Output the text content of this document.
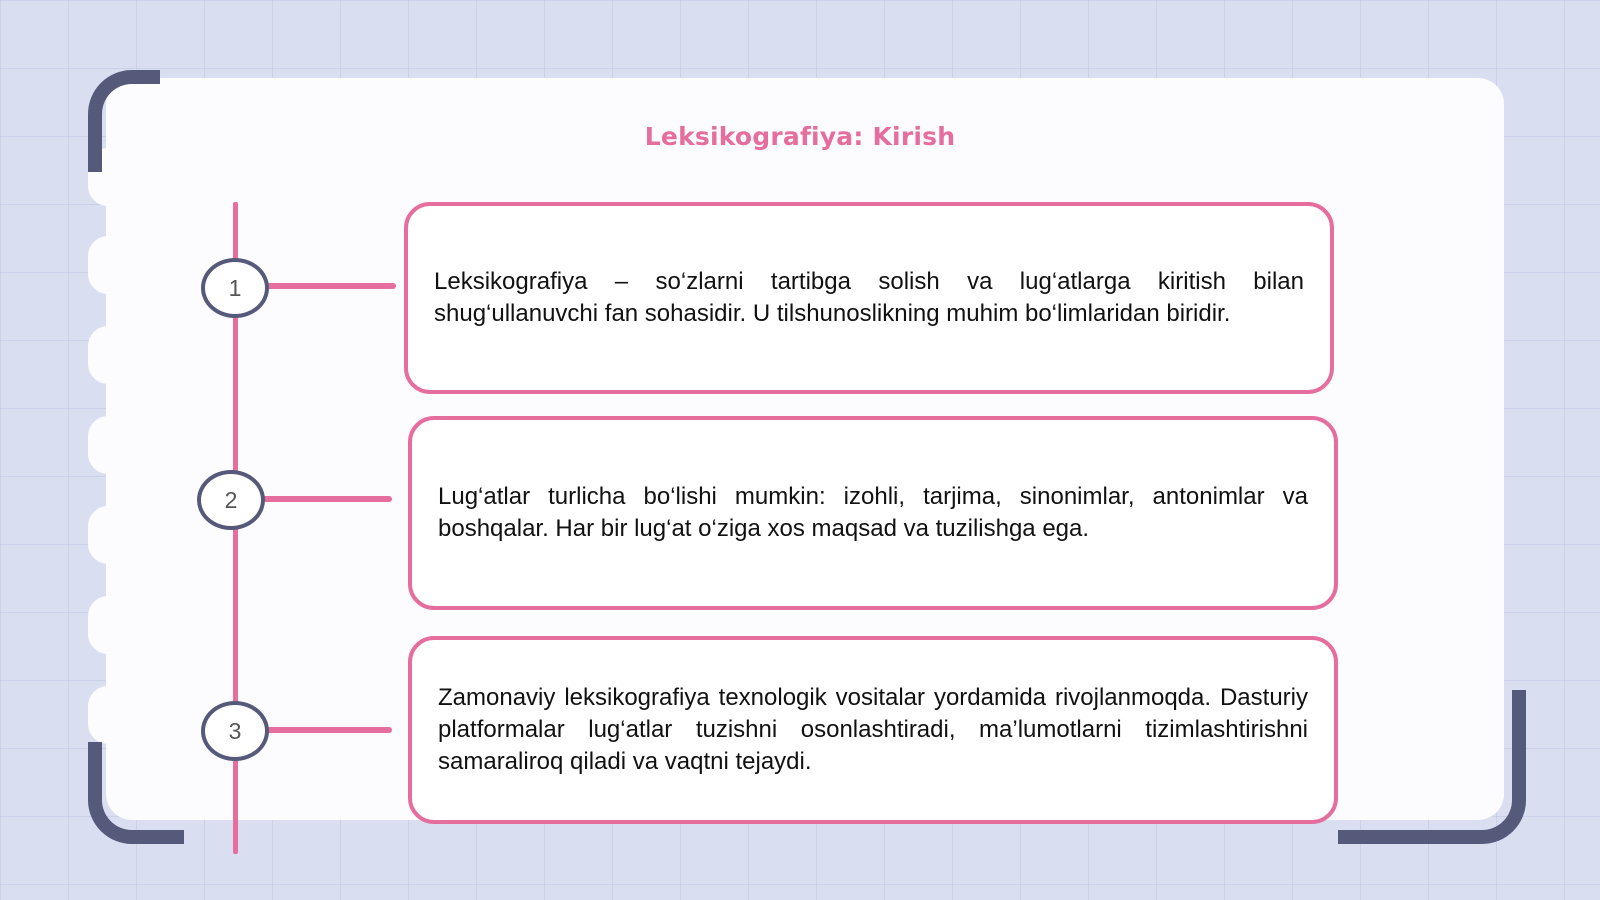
Leksikografiya: Kirish
1	Leksikografiya – so‘zlarni tartibga solish va lug‘atlarga kiritish bilan shug‘ullanuvchi fan sohasidir. U tilshunoslikning muhim bo‘limlaridan biridir.
2	Lug‘atlar turlicha bo‘lishi mumkin: izohli, tarjima, sinonimlar, antonimlar va boshqalar. Har bir lug‘at o‘ziga xos maqsad va tuzilishga ega.
3
Zamonaviy leksikografiya texnologik vositalar yordamida rivojlanmoqda. Dasturiy platformalar lug‘atlar tuzishni osonlashtiradi, ma’lumotlarni tizimlashtirishni samaraliroq qiladi va vaqtni tejaydi.
